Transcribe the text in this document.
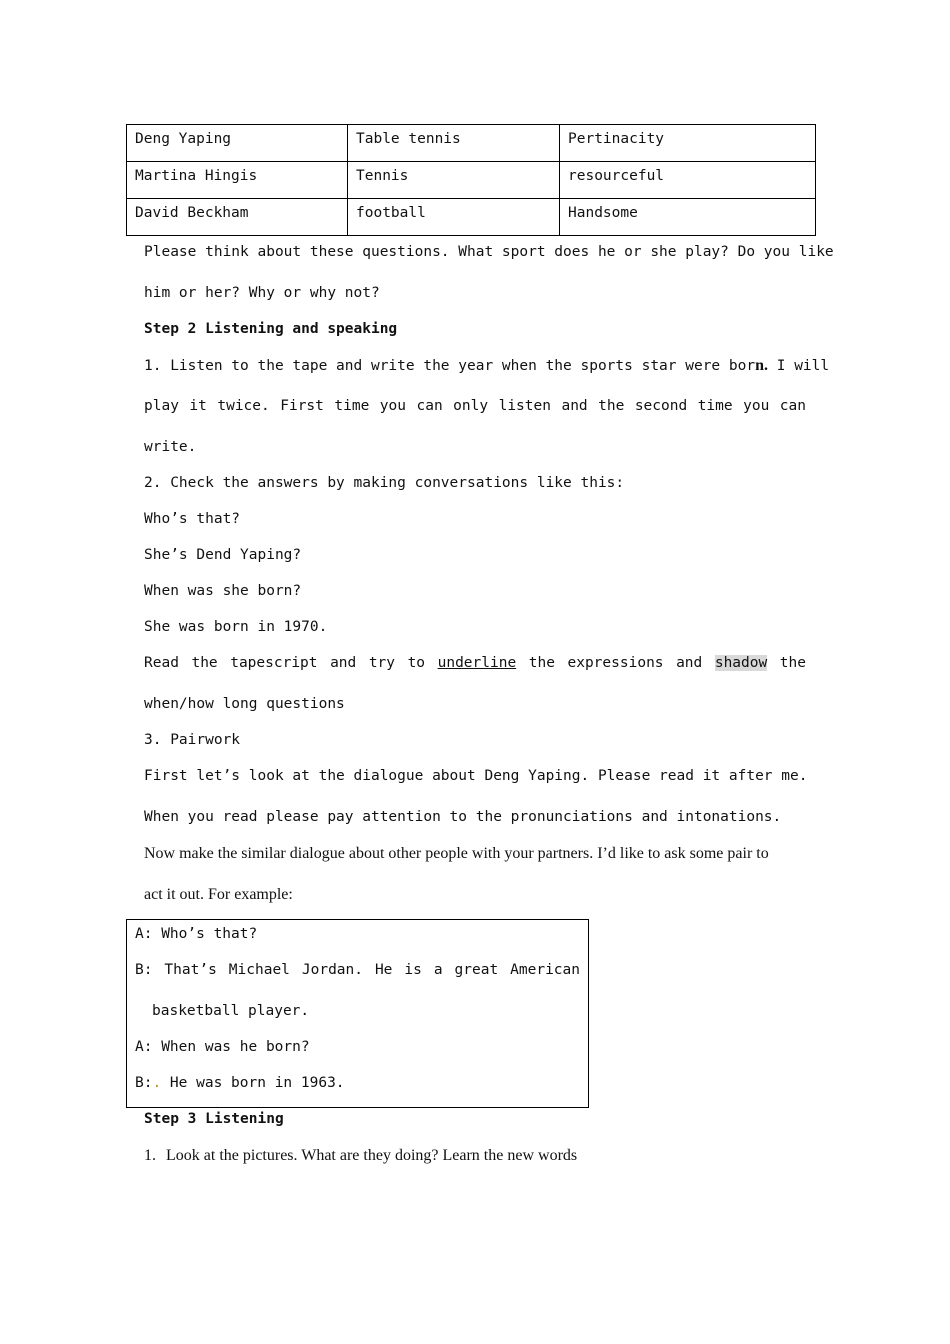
Deng Yaping	Table tennis	Pertinacity
Martina Hingis	Tennis	resourceful
David Beckham	football	Handsome
Please think about these questions. What sport does he or she play? Do you like
him or her? Why or why not?
Step 2 Listening and speaking
1. Listen to the tape and write the year when the sports star were born. I will
play it twice. First time you can only listen and the second time you can
write.
2. Check the answers by making conversations like this:
Who’s that?
She’s Dend Yaping?
When was she born?
She was born in 1970.
Read the tapescript and try to underline the expressions and shadow the
when/how long questions
3. Pairwork
First let’s look at the dialogue about Deng Yaping. Please read it after me.
When you read please pay attention to the pronunciations and intonations.
Now make the similar dialogue about other people with your partners. I’d like to ask some pair to
act it out. For example:
A: Who’s that?
B: That’s Michael Jordan. He is a great American
basketball player.
A: When was he born?
B:. He was born in 1963.
Step 3 Listening
1. Look at the pictures. What are they doing? Learn the new words
